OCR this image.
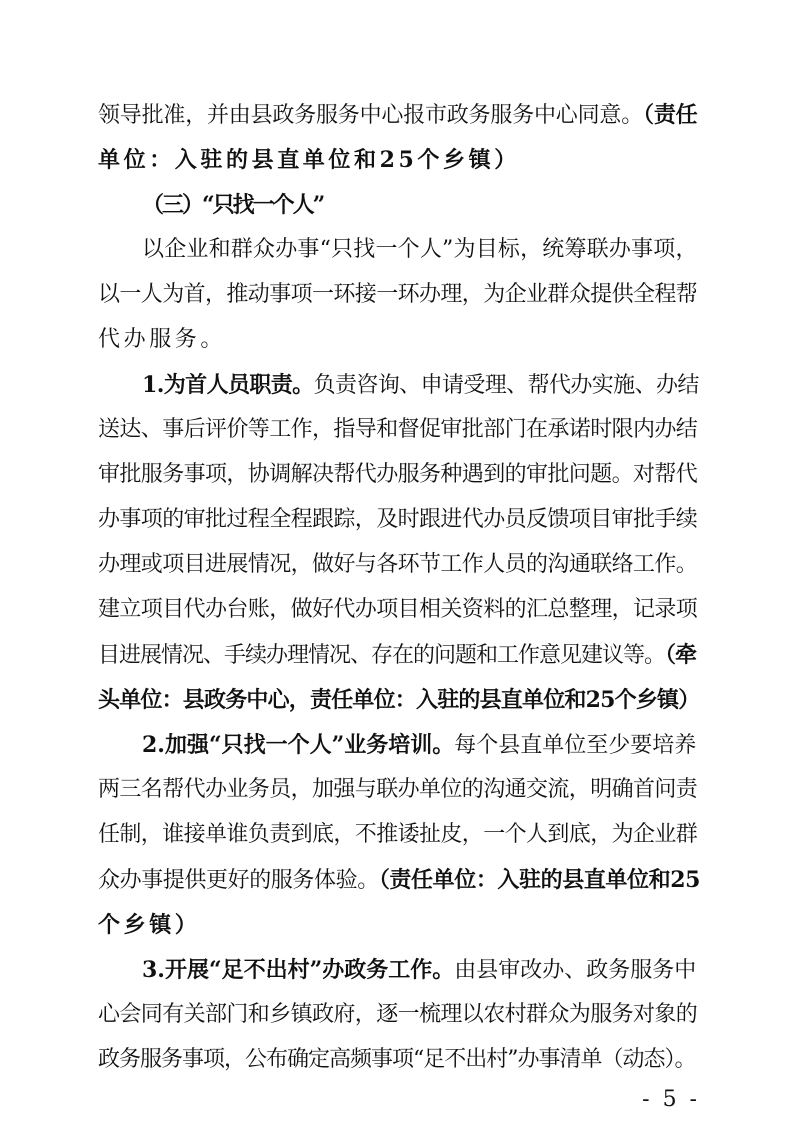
领导批准，并由县政务服务中心报市政务服务中心同意。（责任
单位：入驻的县直单位和25个乡镇）
（三）“只找一个人”
以企业和群众办事“只找一个人”为目标，统筹联办事项，
以一人为首，推动事项一环接一环办理，为企业群众提供全程帮
代办服务。
1.为首人员职责。负责咨询、申请受理、帮代办实施、办结
送达、事后评价等工作，指导和督促审批部门在承诺时限内办结
审批服务事项，协调解决帮代办服务种遇到的审批问题。对帮代
办事项的审批过程全程跟踪，及时跟进代办员反馈项目审批手续
办理或项目进展情况，做好与各环节工作人员的沟通联络工作。
建立项目代办台账，做好代办项目相关资料的汇总整理，记录项
目进展情况、手续办理情况、存在的问题和工作意见建议等。（牵
头单位：县政务中心，责任单位：入驻的县直单位和25个乡镇）
2.加强“只找一个人”业务培训。每个县直单位至少要培养
两三名帮代办业务员，加强与联办单位的沟通交流，明确首问责
任制，谁接单谁负责到底，不推诿扯皮，一个人到底，为企业群
众办事提供更好的服务体验。（责任单位：入驻的县直单位和25
个乡镇）
3.开展“足不出村”办政务工作。由县审改办、政务服务中
心会同有关部门和乡镇政府，逐一梳理以农村群众为服务对象的
政务服务事项，公布确定高频事项“足不出村”办事清单（动态）。
- 5 -
